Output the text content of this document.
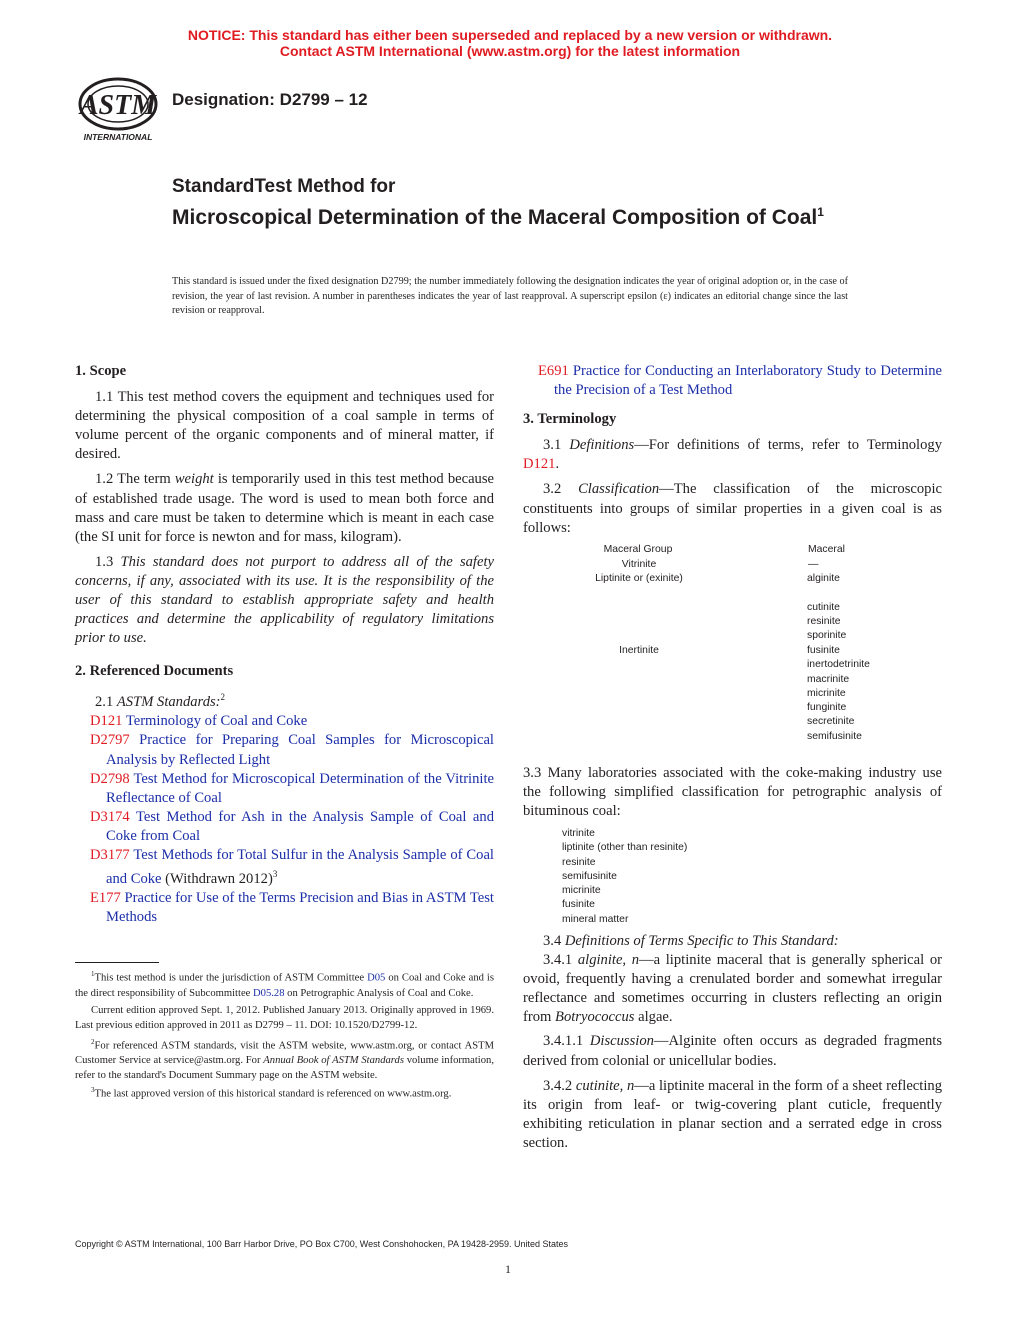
NOTICE: This standard has either been superseded and replaced by a new version or withdrawn.
Contact ASTM International (www.astm.org) for the latest information
ASTM
INTERNATIONAL
Designation: D2799 – 12
StandardTest Method for
Microscopical Determination of the Maceral Composition of Coal$^1$
This standard is issued under the fixed designation D2799; the number immediately following the designation indicates the year of original adoption or, in the case of revision, the year of last revision. A number in parentheses indicates the year of last reapproval. A superscript epsilon (ε) indicates an editorial change since the last revision or reapproval.
1. Scope
1.1 This test method covers the equipment and techniques used for determining the physical composition of a coal sample in terms of volume percent of the organic components and of mineral matter, if desired.
1.2 The term weight is temporarily used in this test method because of established trade usage. The word is used to mean both force and mass and care must be taken to determine which is meant in each case (the SI unit for force is newton and for mass, kilogram).
1.3 This standard does not purport to address all of the safety concerns, if any, associated with its use. It is the responsibility of the user of this standard to establish appropriate safety and health practices and determine the applicability of regulatory limitations prior to use.
2. Referenced Documents
2.1 ASTM Standards:$^2$
D121 Terminology of Coal and Coke
D2797 Practice for Preparing Coal Samples for Microscopical Analysis by Reflected Light
D2798 Test Method for Microscopical Determination of the Vitrinite Reflectance of Coal
D3174 Test Method for Ash in the Analysis Sample of Coal and Coke from Coal
D3177 Test Methods for Total Sulfur in the Analysis Sample of Coal and Coke (Withdrawn 2012)$^3$
E177 Practice for Use of the Terms Precision and Bias in ASTM Test Methods
$^1$This test method is under the jurisdiction of ASTM Committee D05 on Coal and Coke and is the direct responsibility of Subcommittee D05.28 on Petrographic Analysis of Coal and Coke.
Current edition approved Sept. 1, 2012. Published January 2013. Originally approved in 1969. Last previous edition approved in 2011 as D2799 – 11. DOI: 10.1520/D2799-12.
$^2$For referenced ASTM standards, visit the ASTM website, www.astm.org, or contact ASTM Customer Service at service@astm.org. For Annual Book of ASTM Standards volume information, refer to the standard's Document Summary page on the ASTM website.
$^3$The last approved version of this historical standard is referenced on www.astm.org.
E691 Practice for Conducting an Interlaboratory Study to Determine the Precision of a Test Method
3. Terminology
3.1 Definitions—For definitions of terms, refer to Terminology D121.
3.2 Classification—The classification of the microscopic constituents into groups of similar properties in a given coal is as follows:
Maceral Group	Maceral
Vitrinite	—
Liptinite or (exinite)	alginite
cutinite
resinite
sporinite
Inertinite	fusinite
inertodetrinite
macrinite
micrinite
funginite
secretinite
semifusinite
3.3 Many laboratories associated with the coke-making industry use the following simplified classification for petrographic analysis of bituminous coal:
vitrinite
liptinite (other than resinite)
resinite
semifusinite
micrinite
fusinite
mineral matter
3.4 Definitions of Terms Specific to This Standard:
3.4.1 alginite, n—a liptinite maceral that is generally spherical or ovoid, frequently having a crenulated border and somewhat irregular reflectance and sometimes occurring in clusters reflecting an origin from Botryococcus algae.
3.4.1.1 Discussion—Alginite often occurs as degraded fragments derived from colonial or unicellular bodies.
3.4.2 cutinite, n—a liptinite maceral in the form of a sheet reflecting its origin from leaf- or twig-covering plant cuticle, frequently exhibiting reticulation in planar section and a serrated edge in cross section.
Copyright © ASTM International, 100 Barr Harbor Drive, PO Box C700, West Conshohocken, PA 19428-2959. United States
1
